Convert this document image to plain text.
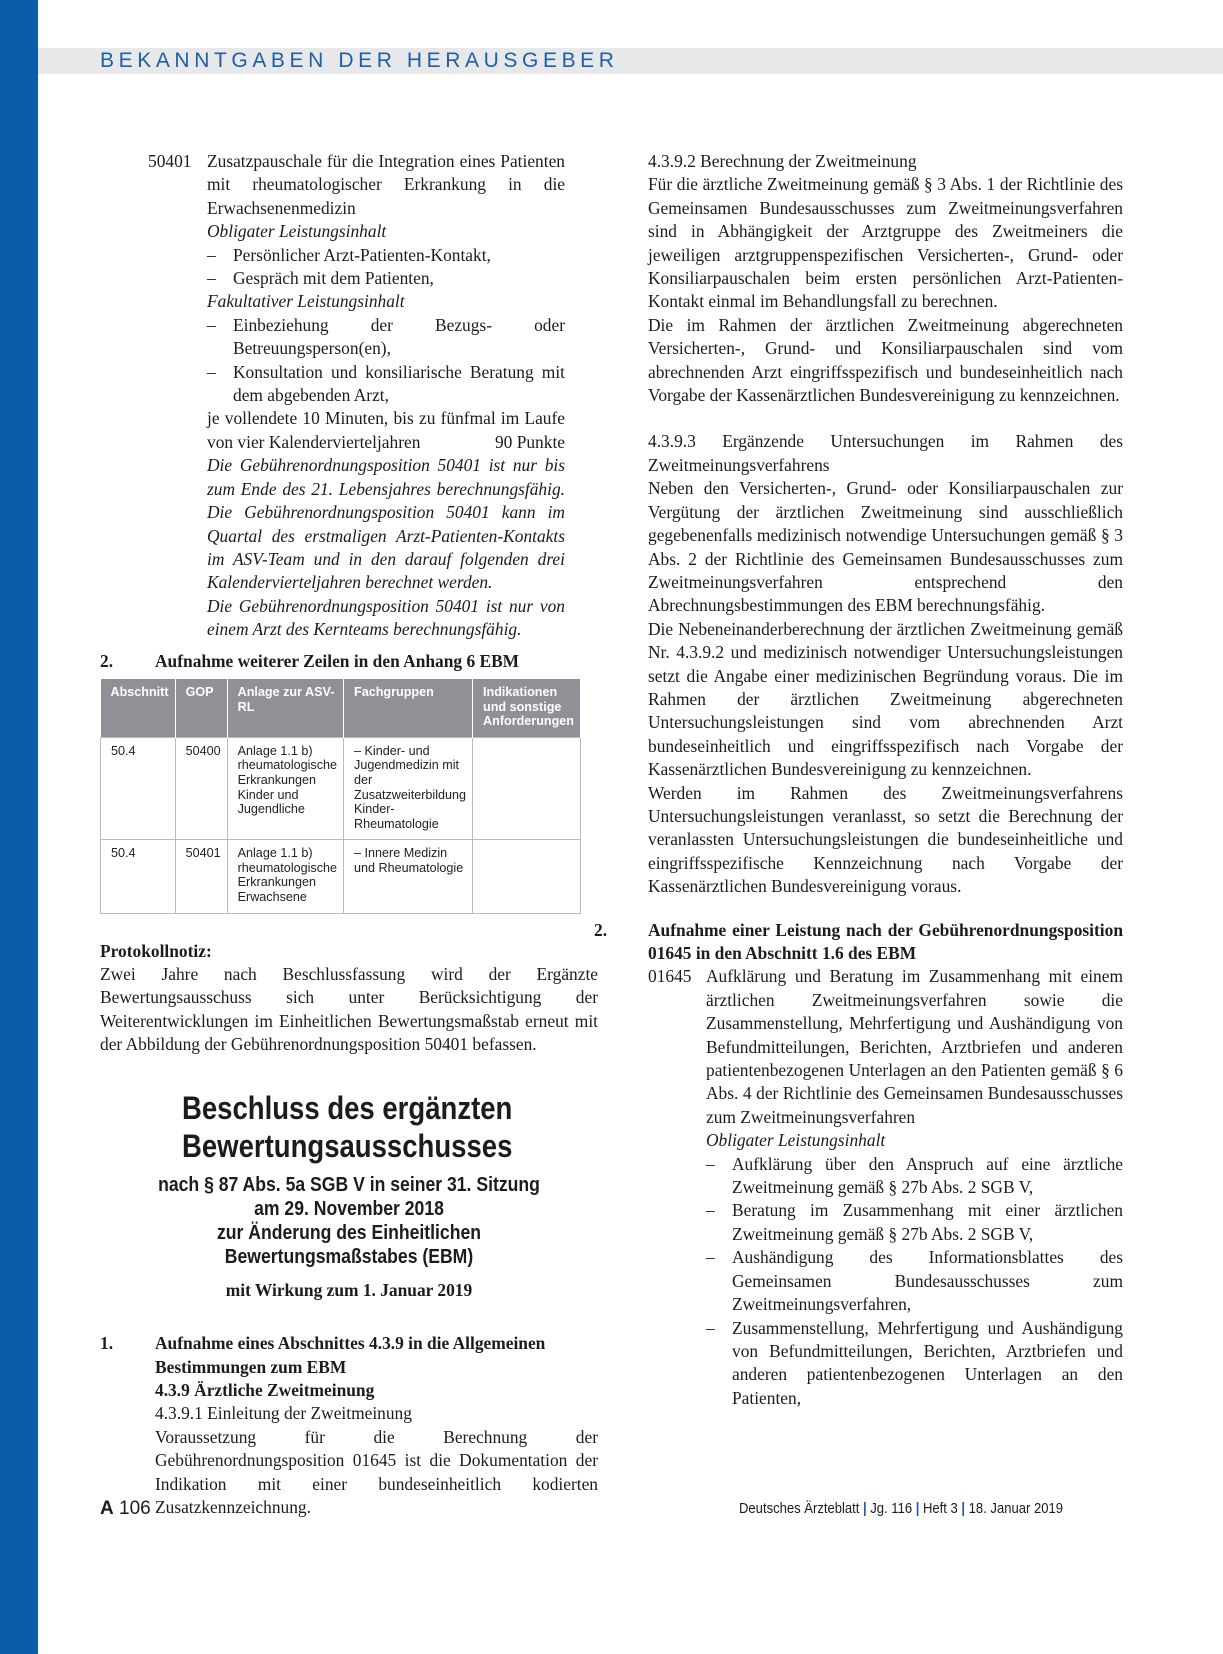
BEKANNTGABEN DER HERAUSGEBER
50401 Zusatzpauschale für die Integration eines Patienten mit rheumatologischer Erkrankung in die Erwachsenenmedizin
Obligater Leistungsinhalt
– Persönlicher Arzt-Patienten-Kontakt,
– Gespräch mit dem Patienten,
Fakultativer Leistungsinhalt
– Einbeziehung der Bezugs- oder Betreuungsperson(en),
– Konsultation und konsiliarische Beratung mit dem abgebenden Arzt,
je vollendete 10 Minuten, bis zu fünfmal im Laufe von vier Kalendervierteljahren	90 Punkte
Die Gebührenordnungsposition 50401 ist nur bis zum Ende des 21. Lebensjahres berechnungsfähig. Die Gebührenordnungsposition 50401 kann im Quartal des erstmaligen Arzt-Patienten-Kontakts im ASV-Team und in den darauf folgenden drei Kalendervierteljahren berechnet werden.
Die Gebührenordnungsposition 50401 ist nur von einem Arzt des Kernteams berechnungsfähig.
2.	Aufnahme weiterer Zeilen in den Anhang 6 EBM
Abschnitt	GOP	Anlage zur ASV-RL	Fachgruppen	Indikationen und sonstige Anforderungen
50.4	50400	Anlage 1.1 b) rheumatologische Erkrankungen Kinder und Jugendliche	– Kinder- und Jugendmedizin mit der Zusatzweiterbildung Kinder-Rheumatologie	
50.4	50401	Anlage 1.1 b) rheumatologische Erkrankungen Erwachsene	– Innere Medizin und Rheumatologie	
Protokollnotiz:
Zwei Jahre nach Beschlussfassung wird der Ergänzte Bewertungsausschuss sich unter Berücksichtigung der Weiterentwicklungen im Einheitlichen Bewertungsmaßstab erneut mit der Abbildung der Gebührenordnungsposition 50401 befassen.
Beschluss des ergänzten
Bewertungsausschusses
nach § 87 Abs. 5a SGB V in seiner 31. Sitzung
am 29. November 2018
zur Änderung des Einheitlichen Bewertungsmaßstabes (EBM)
mit Wirkung zum 1. Januar 2019
1.	Aufnahme eines Abschnittes 4.3.9 in die Allgemeinen Bestimmungen zum EBM
4.3.9 Ärztliche Zweitmeinung
4.3.9.1 Einleitung der Zweitmeinung
Voraussetzung für die Berechnung der Gebührenordnungsposition 01645 ist die Dokumentation der Indikation mit einer bundeseinheitlich kodierten Zusatzkennzeichnung.
4.3.9.2 Berechnung der Zweitmeinung
Für die ärztliche Zweitmeinung gemäß § 3 Abs. 1 der Richtlinie des Gemeinsamen Bundesausschusses zum Zweitmeinungsverfahren sind in Abhängigkeit der Arztgruppe des Zweitmeiners die jeweiligen arztgruppenspezifischen Versicherten-, Grund- oder Konsiliarpauschalen beim ersten persönlichen Arzt-Patienten-Kontakt einmal im Behandlungsfall zu berechnen.
Die im Rahmen der ärztlichen Zweitmeinung abgerechneten Versicherten-, Grund- und Konsiliarpauschalen sind vom abrechnenden Arzt eingriffsspezifisch und bundeseinheitlich nach Vorgabe der Kassenärztlichen Bundesvereinigung zu kennzeichnen.
4.3.9.3 Ergänzende Untersuchungen im Rahmen des Zweitmeinungsverfahrens
Neben den Versicherten-, Grund- oder Konsiliarpauschalen zur Vergütung der ärztlichen Zweitmeinung sind ausschließlich gegebenenfalls medizinisch notwendige Untersuchungen gemäß § 3 Abs. 2 der Richtlinie des Gemeinsamen Bundesausschusses zum Zweitmeinungsverfahren entsprechend den Abrechnungsbestimmungen des EBM berechnungsfähig.
Die Nebeneinanderberechnung der ärztlichen Zweitmeinung gemäß Nr. 4.3.9.2 und medizinisch notwendiger Untersuchungsleistungen setzt die Angabe einer medizinischen Begründung voraus. Die im Rahmen der ärztlichen Zweitmeinung abgerechneten Untersuchungsleistungen sind vom abrechnenden Arzt bundeseinheitlich und eingriffsspezifisch nach Vorgabe der Kassenärztlichen Bundesvereinigung zu kennzeichnen.
Werden im Rahmen des Zweitmeinungsverfahrens Untersuchungsleistungen veranlasst, so setzt die Berechnung der veranlassten Untersuchungsleistungen die bundeseinheitliche und eingriffsspezifische Kennzeichnung nach Vorgabe der Kassenärztlichen Bundesvereinigung voraus.
2.	Aufnahme einer Leistung nach der Gebührenordnungsposition 01645 in den Abschnitt 1.6 des EBM
01645 Aufklärung und Beratung im Zusammenhang mit einem ärztlichen Zweitmeinungsverfahren sowie die Zusammenstellung, Mehrfertigung und Aushändigung von Befundmitteilungen, Berichten, Arztbriefen und anderen patientenbezogenen Unterlagen an den Patienten gemäß § 6 Abs. 4 der Richtlinie des Gemeinsamen Bundesausschusses zum Zweitmeinungsverfahren
Obligater Leistungsinhalt
– Aufklärung über den Anspruch auf eine ärztliche Zweitmeinung gemäß § 27b Abs. 2 SGB V,
– Beratung im Zusammenhang mit einer ärztlichen Zweitmeinung gemäß § 27b Abs. 2 SGB V,
– Aushändigung des Informationsblattes des Gemeinsamen Bundesausschusses zum Zweitmeinungsverfahren,
– Zusammenstellung, Mehrfertigung und Aushändigung von Befundmitteilungen, Berichten, Arztbriefen und anderen patientenbezogenen Unterlagen an den Patienten,
A 106	Deutsches Ärzteblatt | Jg. 116 | Heft 3 | 18. Januar 2019
